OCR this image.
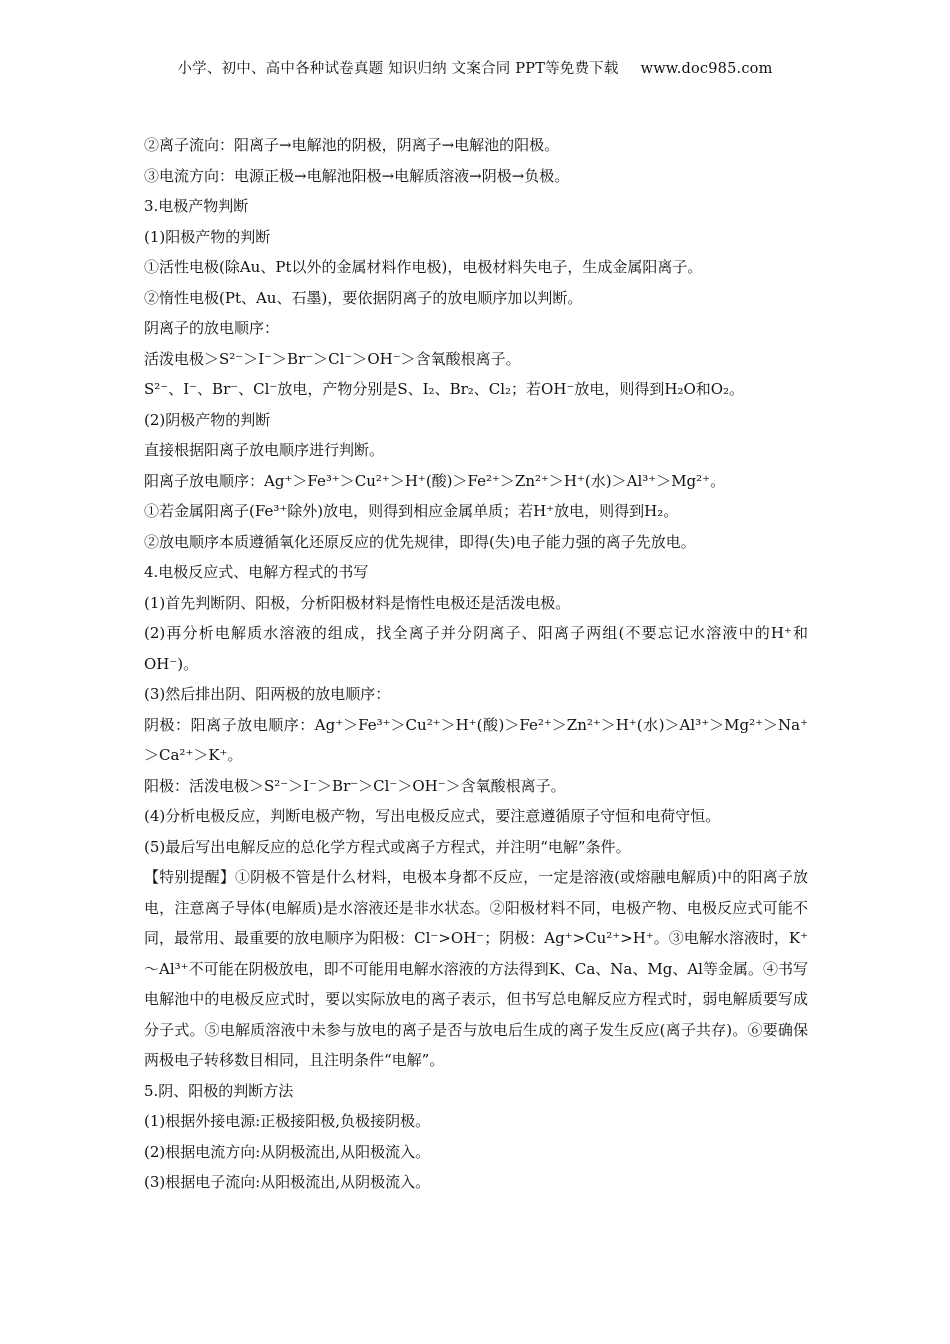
小学、初中、高中各种试卷真题 知识归纳 文案合同 PPT等免费下载 www.doc985.com

②离子流向：阳离子→电解池的阴极，阴离子→电解池的阳极。

③电流方向：电源正极→电解池阳极→电解质溶液→阴极→负极。

3.电极产物判断

(1)阳极产物的判断

①活性电极(除Au、Pt以外的金属材料作电极)，电极材料失电子，生成金属阳离子。

②惰性电极(Pt、Au、石墨)，要依据阴离子的放电顺序加以判断。

阴离子的放电顺序：

活泼电极＞S²⁻＞I⁻＞Br⁻＞Cl⁻＞OH⁻＞含氧酸根离子。

S²⁻、I⁻、Br⁻、Cl⁻放电，产物分别是S、I₂、Br₂、Cl₂；若OH⁻放电，则得到H₂O和O₂。

(2)阴极产物的判断

直接根据阳离子放电顺序进行判断。

阳离子放电顺序：Ag⁺＞Fe³⁺＞Cu²⁺＞H⁺(酸)＞Fe²⁺＞Zn²⁺＞H⁺(水)＞Al³⁺＞Mg²⁺。

①若金属阳离子(Fe³⁺除外)放电，则得到相应金属单质；若H⁺放电，则得到H₂。

②放电顺序本质遵循氧化还原反应的优先规律，即得(失)电子能力强的离子先放电。

4.电极反应式、电解方程式的书写

(1)首先判断阴、阳极，分析阳极材料是惰性电极还是活泼电极。

(2)再分析电解质水溶液的组成，找全离子并分阴离子、阳离子两组(不要忘记水溶液中的H⁺和OH⁻)。

(3)然后排出阴、阳两极的放电顺序：

阴极：阳离子放电顺序：Ag⁺＞Fe³⁺＞Cu²⁺＞H⁺(酸)＞Fe²⁺＞Zn²⁺＞H⁺(水)＞Al³⁺＞Mg²⁺＞Na⁺＞Ca²⁺＞K⁺。

阳极：活泼电极＞S²⁻＞I⁻＞Br⁻＞Cl⁻＞OH⁻＞含氧酸根离子。

(4)分析电极反应，判断电极产物，写出电极反应式，要注意遵循原子守恒和电荷守恒。

(5)最后写出电解反应的总化学方程式或离子方程式，并注明“电解”条件。

【特别提醒】①阴极不管是什么材料，电极本身都不反应，一定是溶液(或熔融电解质)中的阳离子放电，注意离子导体(电解质)是水溶液还是非水状态。②阳极材料不同，电极产物、电极反应式可能不同，最常用、最重要的放电顺序为阳极：Cl⁻>OH⁻；阴极：Ag⁺>Cu²⁺>H⁺。③电解水溶液时，K⁺～Al³⁺不可能在阴极放电，即不可能用电解水溶液的方法得到K、Ca、Na、Mg、Al等金属。④书写电解池中的电极反应式时，要以实际放电的离子表示，但书写总电解反应方程式时，弱电解质要写成分子式。⑤电解质溶液中未参与放电的离子是否与放电后生成的离子发生反应(离子共存)。⑥要确保两极电子转移数目相同，且注明条件“电解”。

5.阴、阳极的判断方法

(1)根据外接电源:正极接阳极,负极接阴极。

(2)根据电流方向:从阴极流出,从阳极流入。

(3)根据电子流向:从阳极流出,从阴极流入。
